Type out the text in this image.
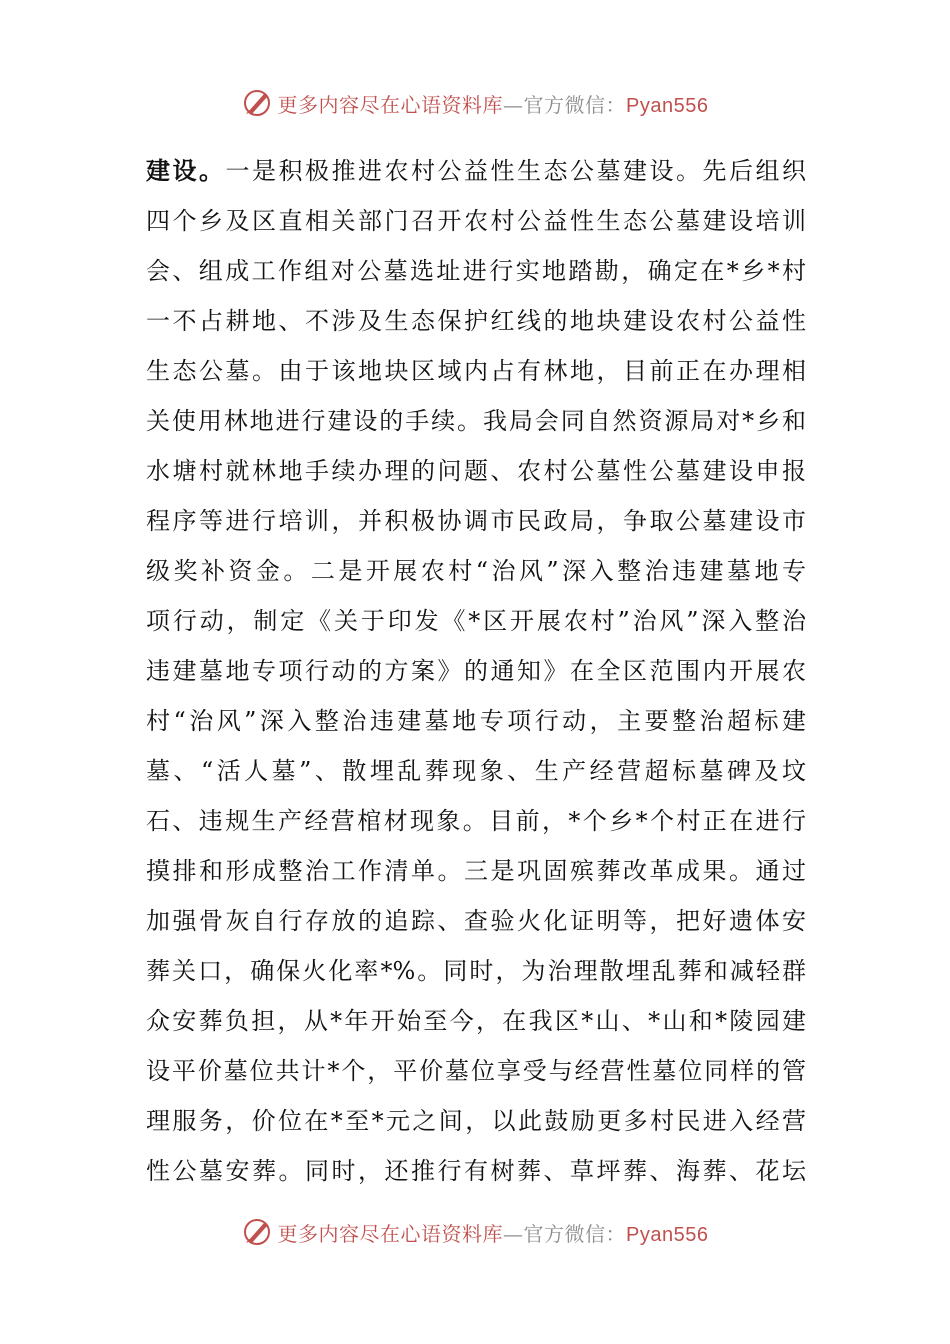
更多内容尽在心语资料库—官方微信：Pyan556
建设。一是积极推进农村公益性生态公墓建设。先后组织
四个乡及区直相关部门召开农村公益性生态公墓建设培训
会、组成工作组对公墓选址进行实地踏勘，确定在*乡*村
一不占耕地、不涉及生态保护红线的地块建设农村公益性
生态公墓。由于该地块区域内占有林地，目前正在办理相
关使用林地进行建设的手续。我局会同自然资源局对*乡和
水塘村就林地手续办理的问题、农村公墓性公墓建设申报
程序等进行培训，并积极协调市民政局，争取公墓建设市
级奖补资金。二是开展农村“治风”深入整治违建墓地专
项行动，制定《关于印发《*区开展农村”治风”深入整治
违建墓地专项行动的方案》的通知》在全区范围内开展农
村“治风”深入整治违建墓地专项行动，主要整治超标建
墓、“活人墓”、散埋乱葬现象、生产经营超标墓碑及坟
石、违规生产经营棺材现象。目前，*个乡*个村正在进行
摸排和形成整治工作清单。三是巩固殡葬改革成果。通过
加强骨灰自行存放的追踪、查验火化证明等，把好遗体安
葬关口，确保火化率*%。同时，为治理散埋乱葬和减轻群
众安葬负担，从*年开始至今，在我区*山、*山和*陵园建
设平价墓位共计*个，平价墓位享受与经营性墓位同样的管
理服务，价位在*至*元之间，以此鼓励更多村民进入经营
性公墓安葬。同时，还推行有树葬、草坪葬、海葬、花坛
更多内容尽在心语资料库—官方微信：Pyan556
